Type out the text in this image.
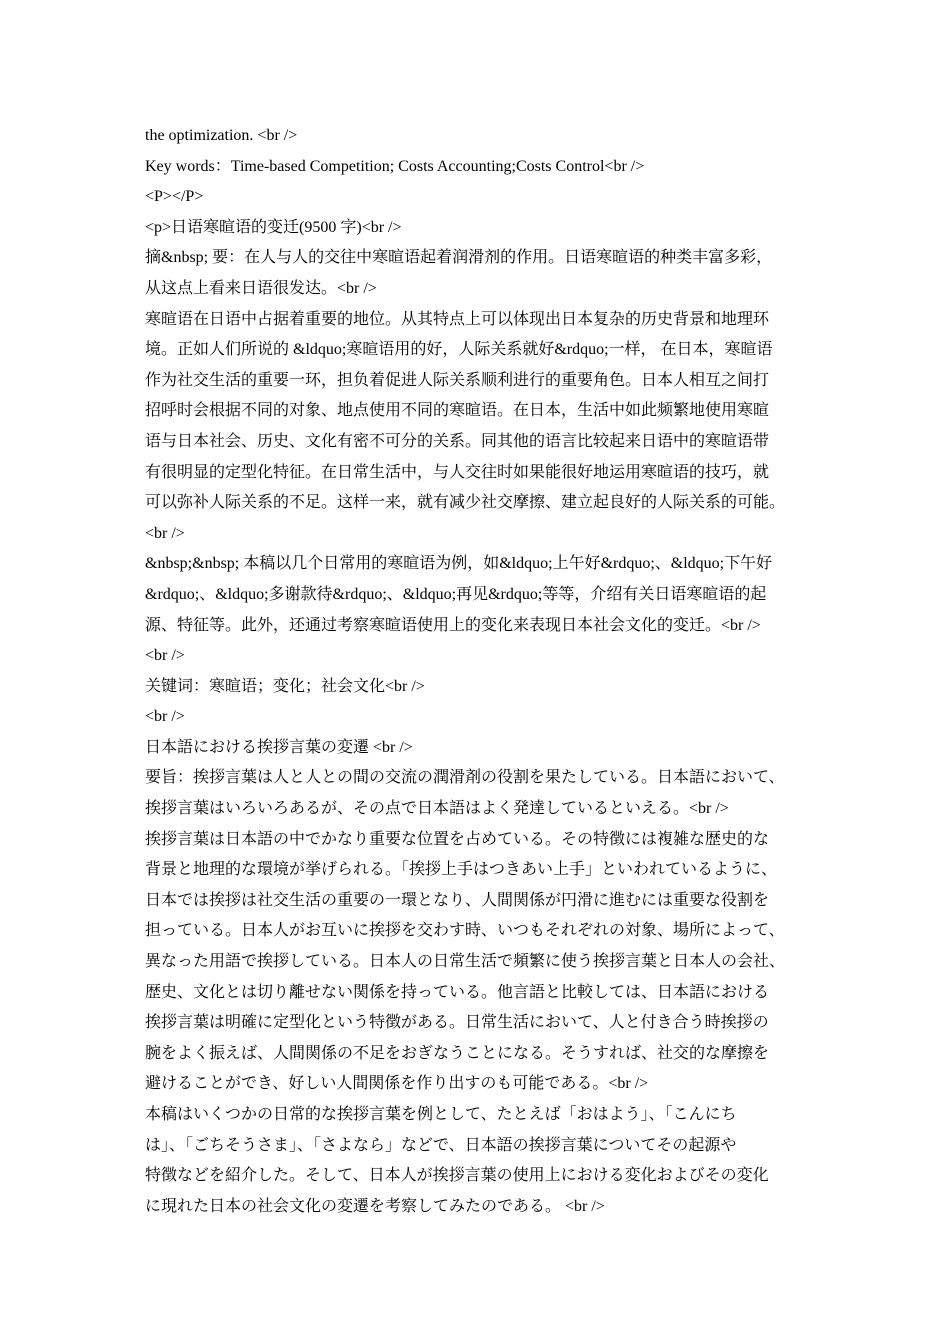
the optimization. <br />
Key words：Time-based Competition; Costs Accounting;Costs Control<br />
<P></P>
<p>日语寒暄语的变迁(9500 字)<br />
摘&nbsp; 要：在人与人的交往中寒暄语起着润滑剂的作用。日语寒暄语的种类丰富多彩，
从这点上看来日语很发达。<br />
寒暄语在日语中占据着重要的地位。从其特点上可以体现出日本复杂的历史背景和地理环
境。正如人们所说的 &ldquo;寒暄语用的好，人际关系就好&rdquo;一样， 在日本，寒暄语
作为社交生活的重要一环，担负着促进人际关系顺利进行的重要角色。日本人相互之间打
招呼时会根据不同的对象、地点使用不同的寒暄语。在日本，生活中如此频繁地使用寒暄
语与日本社会、历史、文化有密不可分的关系。同其他的语言比较起来日语中的寒暄语带
有很明显的定型化特征。在日常生活中，与人交往时如果能很好地运用寒暄语的技巧，就
可以弥补人际关系的不足。这样一来，就有减少社交摩擦、建立起良好的人际关系的可能。
<br />
&nbsp;&nbsp; 本稿以几个日常用的寒暄语为例，如&ldquo;上午好&rdquo;、&ldquo;下午好
&rdquo;、&ldquo;多谢款待&rdquo;、&ldquo;再见&rdquo;等等，介绍有关日语寒暄语的起
源、特征等。此外，还通过考察寒暄语使用上的变化来表现日本社会文化的变迁。<br />
<br />
关键词：寒暄语；变化；社会文化<br />
<br />
日本語における挨拶言葉の変遷 <br />
要旨：挨拶言葉は人と人との間の交流の潤滑剤の役割を果たしている。日本語において、
挨拶言葉はいろいろあるが、その点で日本語はよく発達しているといえる。<br />
挨拶言葉は日本語の中でかなり重要な位置を占めている。その特徴には複雑な歴史的な
背景と地理的な環境が挙げられる。「挨拶上手はつきあい上手」といわれているように、
日本では挨拶は社交生活の重要の一環となり、人間関係が円滑に進むには重要な役割を
担っている。日本人がお互いに挨拶を交わす時、いつもそれぞれの対象、場所によって、
異なった用語で挨拶している。日本人の日常生活で頻繁に使う挨拶言葉と日本人の会社、
歴史、文化とは切り離せない関係を持っている。他言語と比較しては、日本語における
挨拶言葉は明確に定型化という特徴がある。日常生活において、人と付き合う時挨拶の
腕をよく振えば、人間関係の不足をおぎなうことになる。そうすれば、社交的な摩擦を
避けることができ、好しい人間関係を作り出すのも可能である。<br />
本稿はいくつかの日常的な挨拶言葉を例として、たとえば「おはよう」、「こんにち
は」、「ごちそうさま」、「さよなら」などで、日本語の挨拶言葉についてその起源や
特徴などを紹介した。そして、日本人が挨拶言葉の使用上における変化およびその変化
に現れた日本の社会文化の変遷を考察してみたのである。 <br />
